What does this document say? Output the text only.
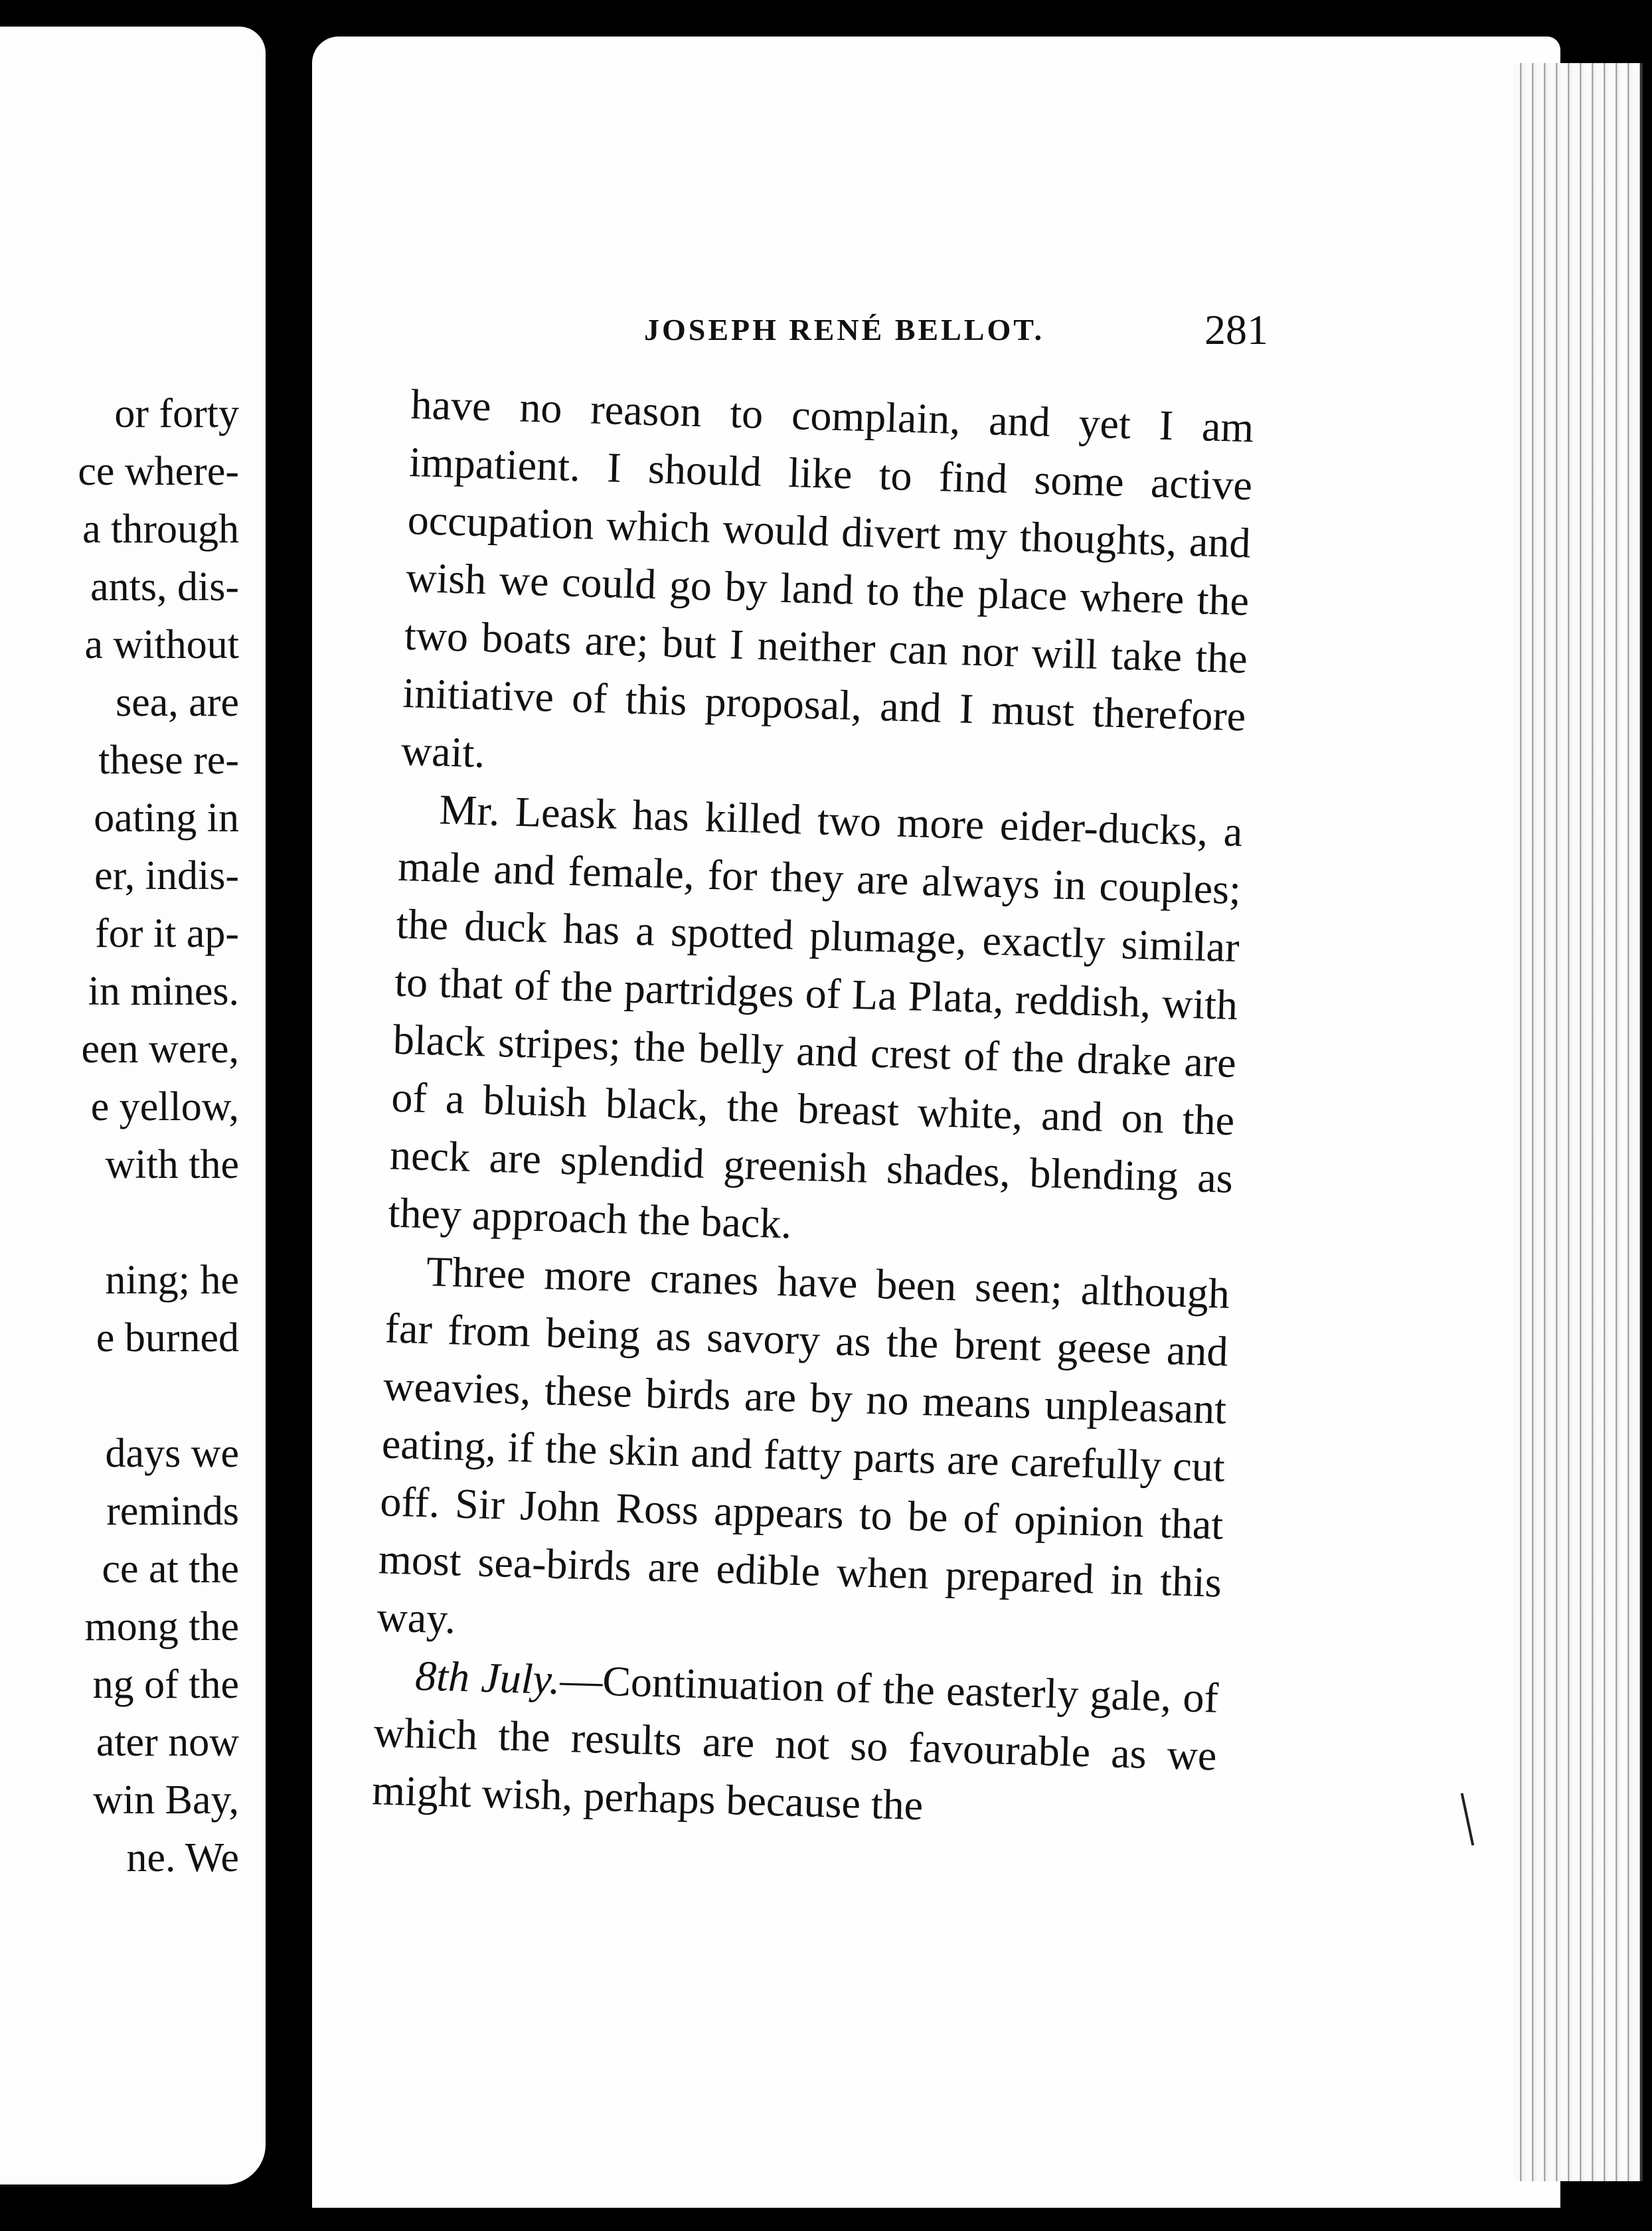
or forty
ce where-
a through
ants, dis-
a without
sea, are
these re-
oating in
er, indis-
for it ap-
in mines.
een were,
e yellow,
with the
ning; he
e burned
days we
reminds
ce at the
mong the
ng of the
ater now
win Bay,
ne. We
JOSEPH RENÉ BELLOT.	281

have no reason to complain, and yet I am impatient. I should like to find some active occupation which would divert my thoughts, and wish we could go by land to the place where the two boats are; but I neither can nor will take the initiative of this proposal, and I must therefore wait.

Mr. Leask has killed two more eider-ducks, a male and female, for they are always in couples; the duck has a spotted plumage, exactly similar to that of the partridges of La Plata, reddish, with black stripes; the belly and crest of the drake are of a bluish black, the breast white, and on the neck are splendid greenish shades, blending as they approach the back.

Three more cranes have been seen; although far from being as savory as the brent geese and weavies, these birds are by no means unpleasant eating, if the skin and fatty parts are carefully cut off. Sir John Ross appears to be of opinion that most sea-birds are edible when prepared in this way.

8th July.—Continuation of the easterly gale, of which the results are not so favourable as we might wish, perhaps because the
